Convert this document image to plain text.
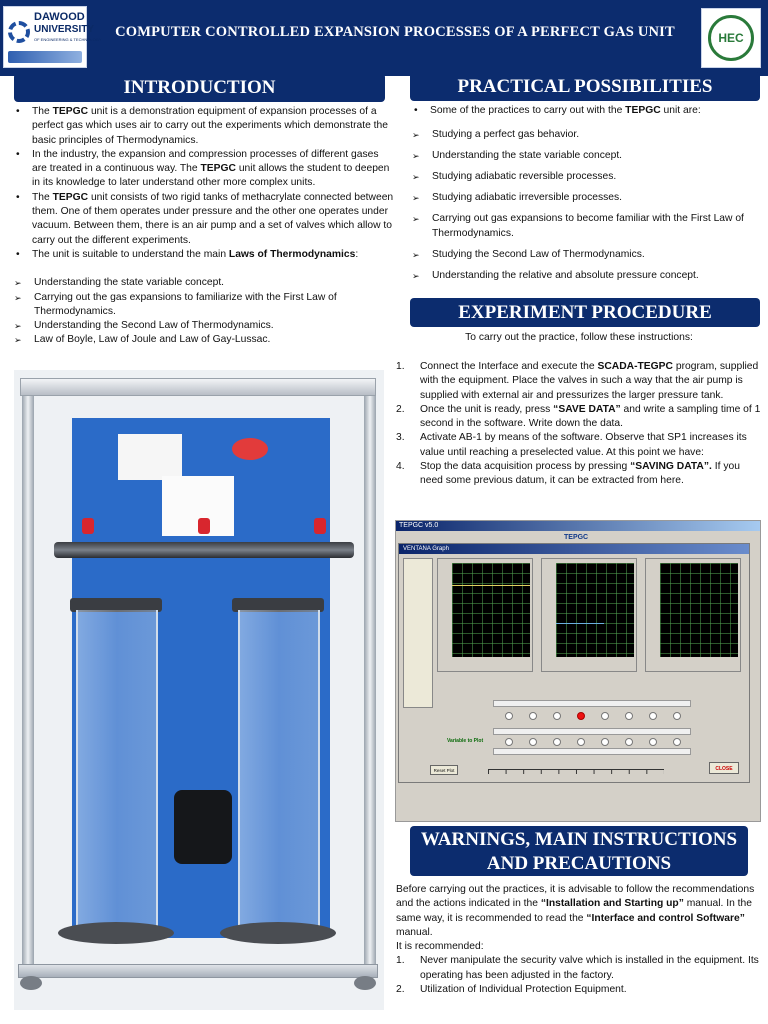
DAWOOD
UNIVERSITY
OF ENGINEERING & TECHNOLOGY COMPUTER CONTROLLED EXPANSION PROCESSES OF A PERFECT GAS UNIT	HEC
INTRODUCTION
• The TEPGC unit is a demonstration equipment of expansion processes of a perfect gas which uses air to carry out the experiments which demonstrate the basic principles of Thermodynamics.
• In the industry, the expansion and compression processes of different gases are treated in a continuous way. The TEPGC unit allows the student to deepen in its knowledge to later understand other more complex units.
• The TEPGC unit consists of two rigid tanks of methacrylate connected between them. One of them operates under pressure and the other one operates under vacuum. Between them, there is an air pump and a set of valves which allow to carry out the different experiments.
• The unit is suitable to understand the main Laws of Thermodynamics:
➢ Understanding the state variable concept.
➢ Carrying out the gas expansions to familiarize with the First Law of Thermodynamics.
➢ Understanding the Second Law of Thermodynamics.
➢ Law of Boyle, Law of Joule and Law of Gay-Lussac.
PRACTICAL POSSIBILITIES
• Some of the practices to carry out with the TEPGC unit are:
➢ Studying a perfect gas behavior.
➢ Understanding the state variable concept.
➢ Studying adiabatic reversible processes.
➢ Studying adiabatic irreversible processes.
➢ Carrying out gas expansions to become familiar with the First Law of Thermodynamics.
➢ Studying the Second Law of Thermodynamics.
➢ Understanding the relative and absolute pressure concept.
EXPERIMENT PROCEDURE
To carry out the practice, follow these instructions:
1. Connect the Interface and execute the SCADA-TEGPC program, supplied with the equipment. Place the valves in such a way that the air pump is supplied with external air and pressurizes the larger pressure tank.
2. Once the unit is ready, press “SAVE DATA” and write a sampling time of 1 second in the software. Write down the data.
3. Activate AB-1 by means of the software. Observe that SP1 increases its value until reaching a preselected value. At this point we have:
4. Stop the data acquisition process by pressing “SAVING DATA”. If you need some previous datum, it can be extracted from here.
TEPGC v5.0
TEPGC
VENTANA Graph
Variable to Plot
CLOSE
Reset Plot
WARNINGS, MAIN INSTRUCTIONS
AND PRECAUTIONS

Before carrying out the practices, it is advisable to follow the recommendations and the actions indicated in the “Installation and Starting up” manual. In the same way, it is recommended to read the “Interface and control Software” manual.

It is recommended:

1. Never manipulate the security valve which is installed in the equipment. Its operating has been adjusted in the factory.
2. Utilization of Individual Protection Equipment.
